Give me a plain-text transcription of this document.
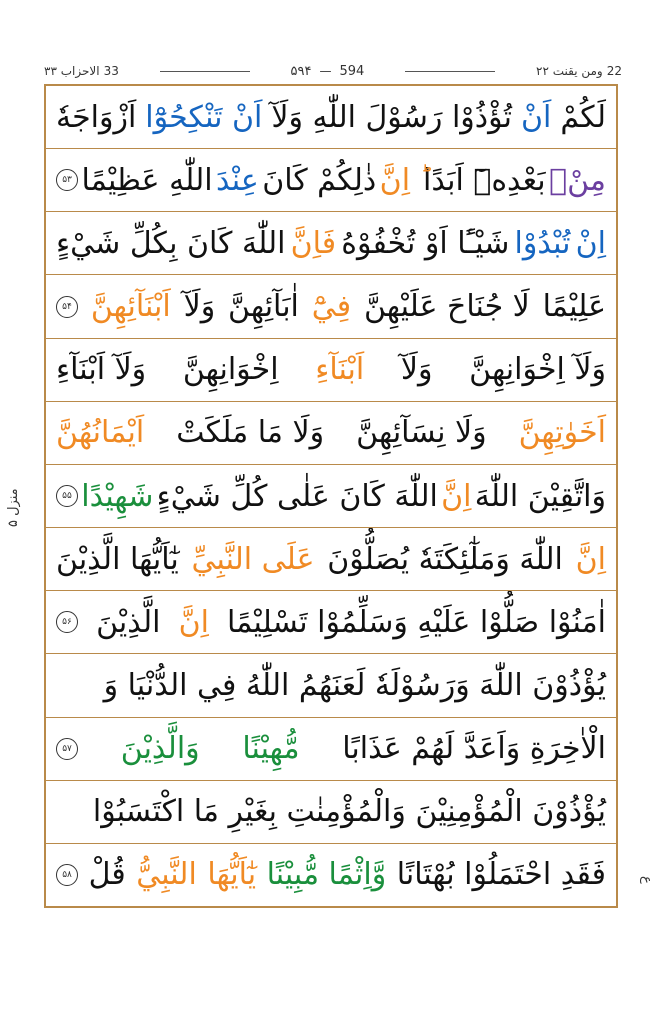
۳۳ الاحزاب 33	۵۹۴ — 594	ومن يقنت ۲۲ 22
منزل ۵
ع
لَكُمْ
اَنْ
تُؤْذُوْا رَسُوْلَ اللّٰهِ وَلَآ
اَنْ تَنْكِحُوْٓا
اَزْوَاجَهٗ
مِنْۢ
بَعْدِهٖٓ اَبَدًا
ؕ اِنَّ
ذٰلِكُمْ كَانَ
عِنْدَ
اللّٰهِ عَظِيْمًا
۵۳
اِنْ
تُبْدُوْا
شَيْـًٔا اَوْ تُخْفُوْهُ
فَاِنَّ
اللّٰهَ كَانَ بِكُلِّ شَيْءٍ
عَلِيْمًا
لَا جُنَاحَ عَلَيْهِنَّ
فِيْٓ
اٰبَآئِهِنَّ
وَلَآ
اَبْنَآئِهِنَّ
۵۴
وَلَآ اِخْوَانِهِنَّ
وَلَآ
اَبْنَآءِ
اِخْوَانِهِنَّ
وَلَآ اَبْنَآءِ
اَخَوٰتِهِنَّ
وَلَا نِسَآئِهِنَّ
وَلَا مَا مَلَكَتْ
اَيْمَانُهُنَّ
وَاتَّقِيْنَ اللّٰهَ
اِنَّ
اللّٰهَ كَانَ عَلٰى كُلِّ شَيْءٍ
شَهِيْدًا
۵۵
اِنَّ
اللّٰهَ وَمَلٰٓئِكَتَهٗ يُصَلُّوْنَ
عَلَى النَّبِيِّ
يٰٓاَيُّهَا الَّذِيْنَ
اٰمَنُوْا صَلُّوْا عَلَيْهِ وَسَلِّمُوْا تَسْلِيْمًا
اِنَّ
الَّذِيْنَ
۵۶
يُؤْذُوْنَ اللّٰهَ وَرَسُوْلَهٗ لَعَنَهُمُ اللّٰهُ فِي الدُّنْيَا وَ
الْاٰخِرَةِ وَاَعَدَّ لَهُمْ عَذَابًا
مُّهِيْنًا
وَالَّذِيْنَ
۵۷
يُؤْذُوْنَ الْمُؤْمِنِيْنَ وَالْمُؤْمِنٰتِ بِغَيْرِ مَا اكْتَسَبُوْا
فَقَدِ احْتَمَلُوْا بُهْتَانًا
وَّاِثْمًا مُّبِيْنًا
يٰٓاَيُّهَا
النَّبِيُّ
قُلْ
۵۸
